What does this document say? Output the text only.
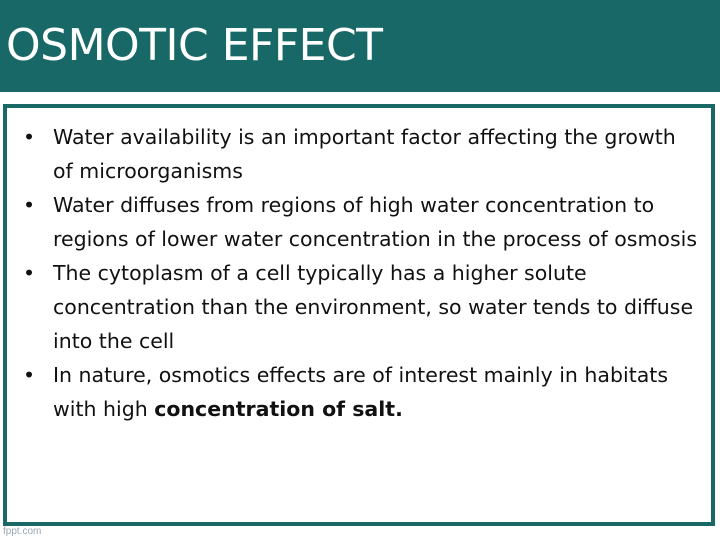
OSMOTIC EFFECT
• Water availability is an important factor affecting the growth of microorganisms
• Water diffuses from regions of high water concentration to regions of lower water concentration in the process of osmosis
• The cytoplasm of a cell typically has a higher solute concentration than the environment, so water tends to diffuse into the cell
• In nature, osmotics effects are of interest mainly in habitats with high concentration of salt.
fppt.com
